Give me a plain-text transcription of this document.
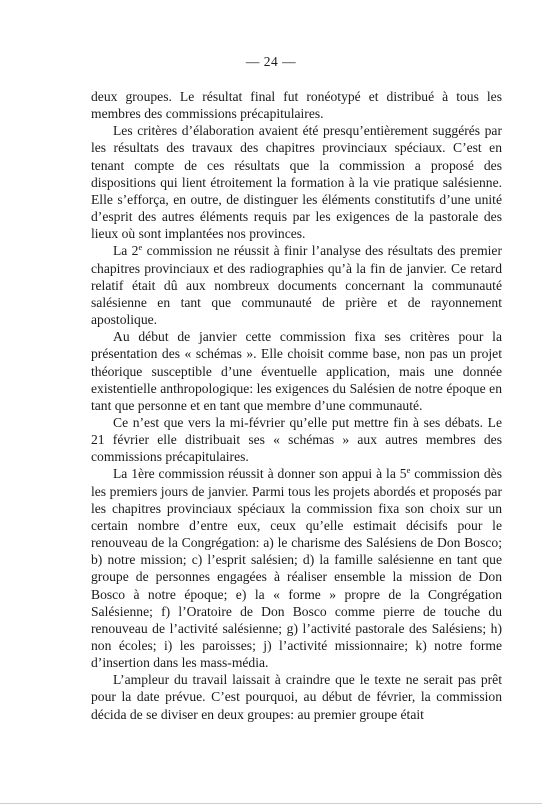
— 24 —

deux groupes. Le résultat final fut ronéotypé et distribué à tous les membres des commissions précapitulaires.

Les critères d’élaboration avaient été presqu’entièrement suggérés par les résultats des travaux des chapitres provinciaux spéciaux. C’est en tenant compte de ces résultats que la commission a proposé des dispositions qui lient étroitement la formation à la vie pratique salésienne. Elle s’efforça, en outre, de distinguer les éléments constitutifs d’une unité d’esprit des autres éléments requis par les exigences de la pastorale des lieux où sont implantées nos provinces.

La 2e commission ne réussit à finir l’analyse des résultats des premier chapitres provinciaux et des radiographies qu’à la fin de janvier. Ce retard relatif était dû aux nombreux documents concernant la communauté salésienne en tant que communauté de prière et de rayonnement apostolique.

Au début de janvier cette commission fixa ses critères pour la présentation des « schémas ». Elle choisit comme base, non pas un projet théorique susceptible d’une éventuelle application, mais une donnée existentielle anthropologique: les exigences du Salésien de notre époque en tant que personne et en tant que membre d’une communauté.

Ce n’est que vers la mi-février qu’elle put mettre fin à ses débats. Le 21 février elle distribuait ses « schémas » aux autres membres des commissions précapitulaires.

La 1ère commission réussit à donner son appui à la 5e commission dès les premiers jours de janvier. Parmi tous les projets abordés et proposés par les chapitres provinciaux spéciaux la commission fixa son choix sur un certain nombre d’entre eux, ceux qu’elle estimait décisifs pour le renouveau de la Congrégation: a) le charisme des Salésiens de Don Bosco; b) notre mission; c) l’esprit salésien; d) la famille salésienne en tant que groupe de personnes engagées à réaliser ensemble la mission de Don Bosco à notre époque; e) la « forme » propre de la Congrégation Salésienne; f) l’Oratoire de Don Bosco comme pierre de touche du renouveau de l’activité salésienne; g) l’activité pastorale des Salésiens; h) non écoles; i) les paroisses; j) l’activité missionnaire; k) notre forme d’insertion dans les mass-média.

L’ampleur du travail laissait à craindre que le texte ne serait pas prêt pour la date prévue. C’est pourquoi, au début de février, la commission décida de se diviser en deux groupes: au premier groupe était
